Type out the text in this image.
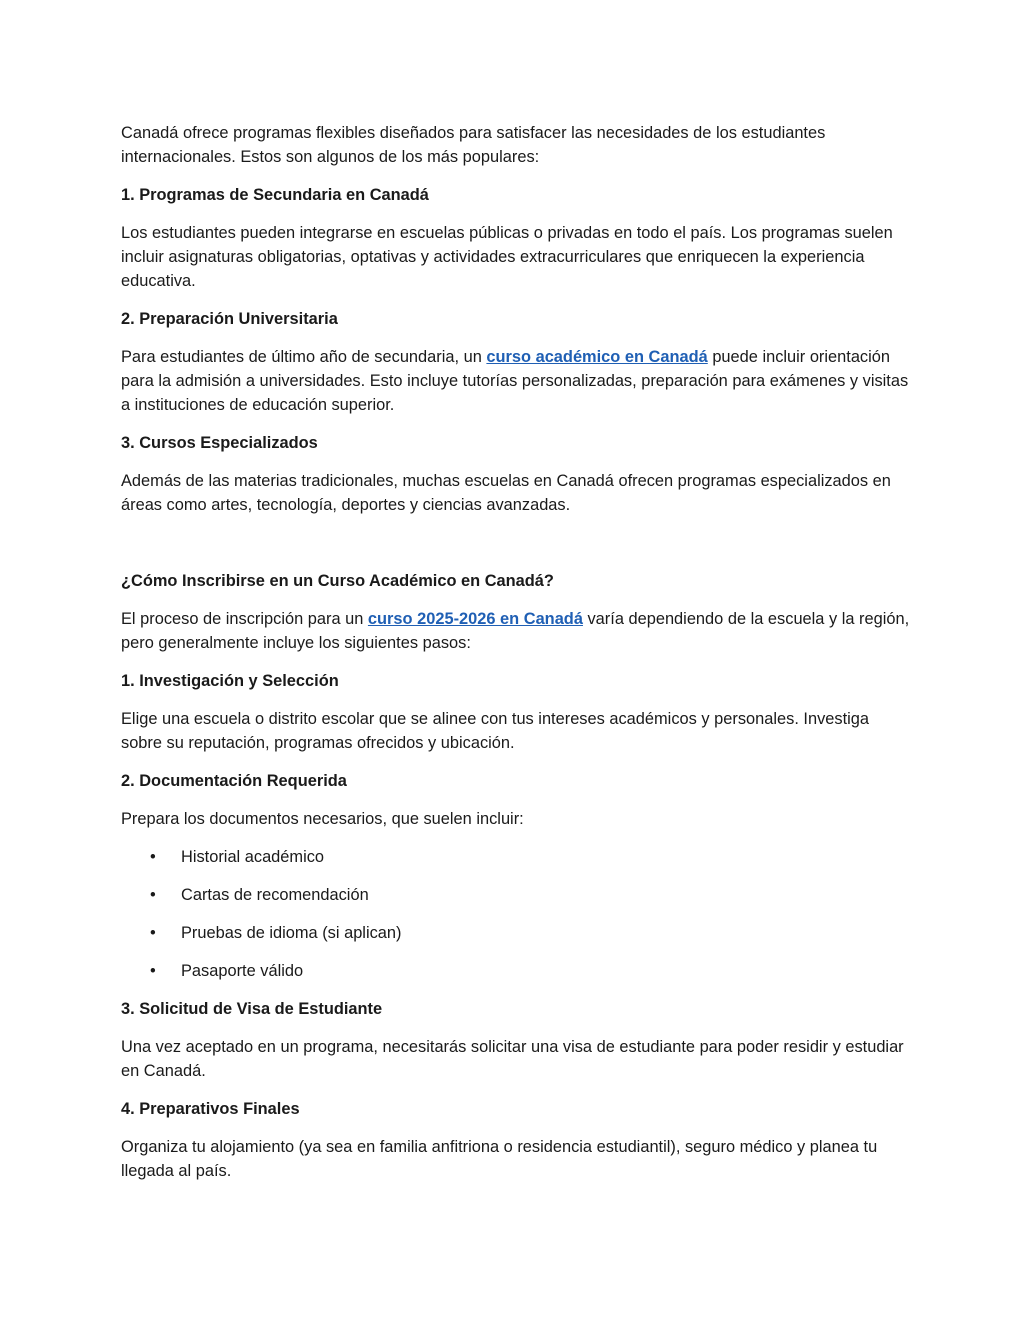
Canadá ofrece programas flexibles diseñados para satisfacer las necesidades de los estudiantes internacionales. Estos son algunos de los más populares:

1. Programas de Secundaria en Canadá

Los estudiantes pueden integrarse en escuelas públicas o privadas en todo el país. Los programas suelen incluir asignaturas obligatorias, optativas y actividades extracurriculares que enriquecen la experiencia educativa.

2. Preparación Universitaria

Para estudiantes de último año de secundaria, un curso académico en Canadá puede incluir orientación para la admisión a universidades. Esto incluye tutorías personalizadas, preparación para exámenes y visitas a instituciones de educación superior.

3. Cursos Especializados

Además de las materias tradicionales, muchas escuelas en Canadá ofrecen programas especializados en áreas como artes, tecnología, deportes y ciencias avanzadas.

¿Cómo Inscribirse en un Curso Académico en Canadá?

El proceso de inscripción para un curso 2025-2026 en Canadá varía dependiendo de la escuela y la región, pero generalmente incluye los siguientes pasos:

1. Investigación y Selección

Elige una escuela o distrito escolar que se alinee con tus intereses académicos y personales. Investiga sobre su reputación, programas ofrecidos y ubicación.

2. Documentación Requerida

Prepara los documentos necesarios, que suelen incluir:

• Historial académico
• Cartas de recomendación
• Pruebas de idioma (si aplican)
• Pasaporte válido
3. Solicitud de Visa de Estudiante

Una vez aceptado en un programa, necesitarás solicitar una visa de estudiante para poder residir y estudiar en Canadá.

4. Preparativos Finales

Organiza tu alojamiento (ya sea en familia anfitriona o residencia estudiantil), seguro médico y planea tu llegada al país.
